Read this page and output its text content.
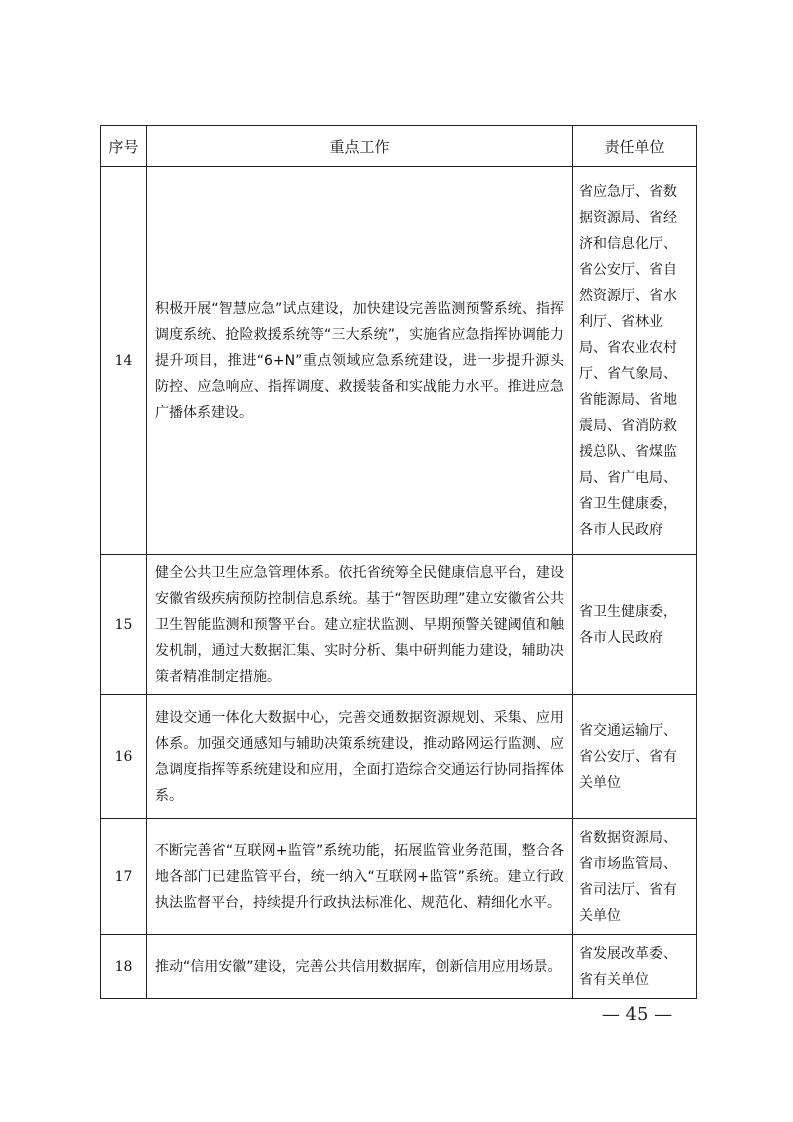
序号	重点工作	责任单位
14	积极开展“智慧应急”试点建设，加快建设完善监测预警系统、指挥调度系统、抢险救援系统等“三大系统”，实施省应急指挥协调能力提升项目，推进“6+N”重点领域应急系统建设，进一步提升源头防控、应急响应、指挥调度、救援装备和实战能力水平。推进应急广播体系建设。	省应急厅、省数据资源局、省经济和信息化厅、省公安厅、省自然资源厅、省水利厅、省林业局、省农业农村厅、省气象局、省能源局、省地震局、省消防救援总队、省煤监局、省广电局、省卫生健康委，各市人民政府
15	健全公共卫生应急管理体系。依托省统筹全民健康信息平台，建设安徽省级疾病预防控制信息系统。基于“智医助理”建立安徽省公共卫生智能监测和预警平台。建立症状监测、早期预警关键阈值和触发机制，通过大数据汇集、实时分析、集中研判能力建设，辅助决策者精准制定措施。	省卫生健康委，各市人民政府
16	建设交通一体化大数据中心，完善交通数据资源规划、采集、应用体系。加强交通感知与辅助决策系统建设，推动路网运行监测、应急调度指挥等系统建设和应用，全面打造综合交通运行协同指挥体系。	省交通运输厅、省公安厅、省有关单位
17	不断完善省“互联网+监管”系统功能，拓展监管业务范围，整合各地各部门已建监管平台，统一纳入“互联网+监管”系统。建立行政执法监督平台，持续提升行政执法标准化、规范化、精细化水平。	省数据资源局、省市场监管局、省司法厅、省有关单位
18	推动“信用安徽”建设，完善公共信用数据库，创新信用应用场景。	省发展改革委、省有关单位
— 45 —
